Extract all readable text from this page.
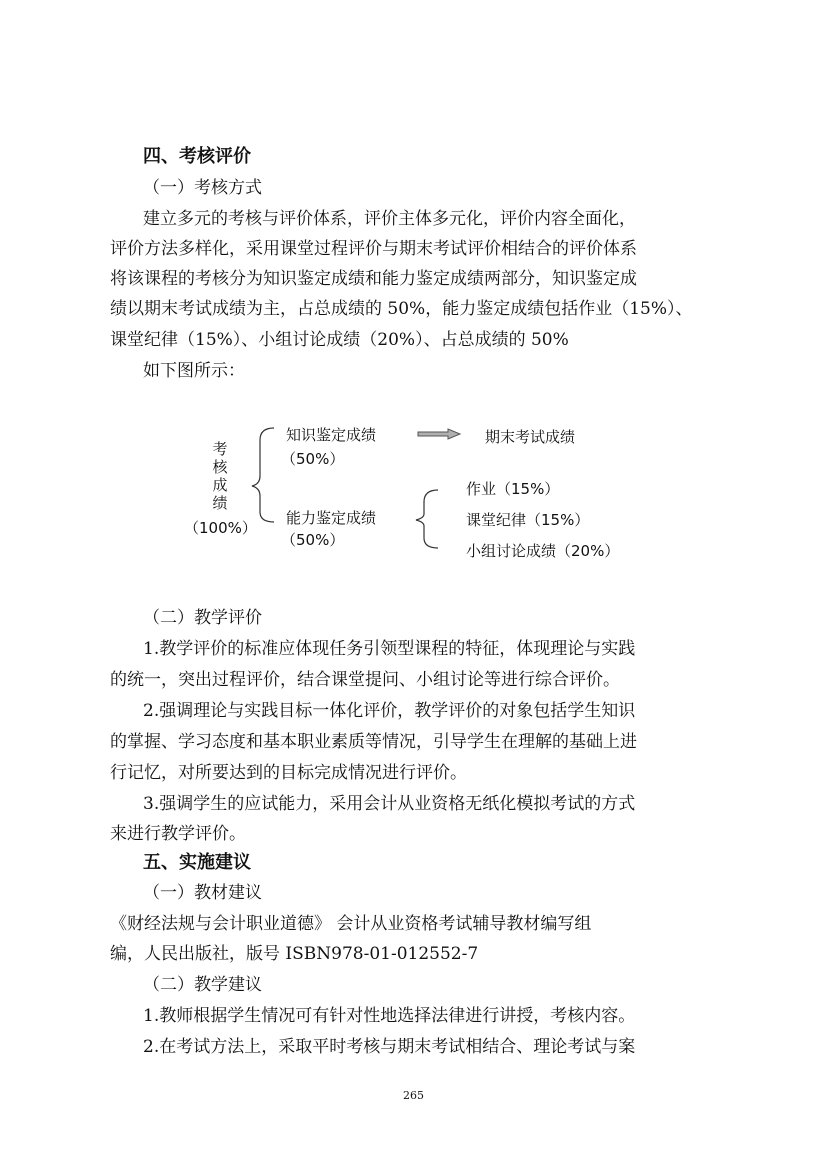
四、考核评价
（一）考核方式
建立多元的考核与评价体系，评价主体多元化，评价内容全面化，
评价方法多样化，采用课堂过程评价与期末考试评价相结合的评价体系
将该课程的考核分为知识鉴定成绩和能力鉴定成绩两部分，知识鉴定成
绩以期末考试成绩为主，占总成绩的 50%，能力鉴定成绩包括作业（15%）、
课堂纪律（15%）、小组讨论成绩（20%）、占总成绩的 50%
如下图所示：
考核成绩
（100%）
知识鉴定成绩
（50%）
期末考试成绩
能力鉴定成绩
（50%）
作业（15%）
课堂纪律（15%）
小组讨论成绩（20%）
（二）教学评价
1.教学评价的标准应体现任务引领型课程的特征，体现理论与实践
的统一，突出过程评价，结合课堂提问、小组讨论等进行综合评价。
2.强调理论与实践目标一体化评价，教学评价的对象包括学生知识
的掌握、学习态度和基本职业素质等情况，引导学生在理解的基础上进
行记忆，对所要达到的目标完成情况进行评价。
3.强调学生的应试能力，采用会计从业资格无纸化模拟考试的方式
来进行教学评价。
五、实施建议
（一）教材建议
《财经法规与会计职业道德》 会计从业资格考试辅导教材编写组
编，人民出版社，版号 ISBN978-01-012552-7
（二）教学建议
1.教师根据学生情况可有针对性地选择法律进行讲授，考核内容。
2.在考试方法上，采取平时考核与期末考试相结合、理论考试与案
265
